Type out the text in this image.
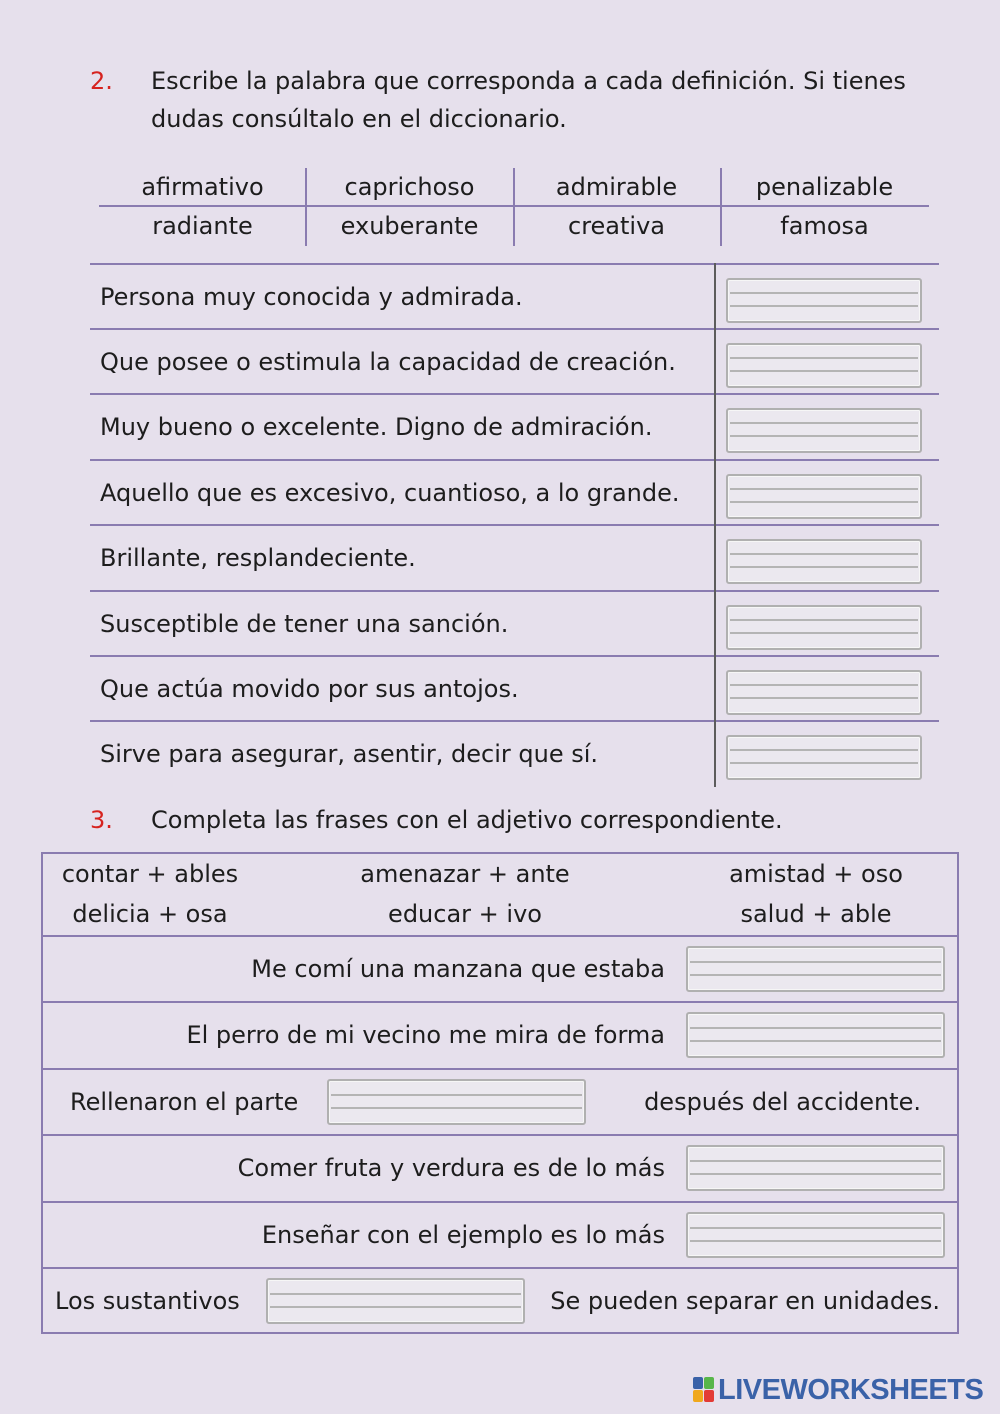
2. Escribe la palabra que corresponda a cada definición. Si tienes
dudas consúltalo en el diccionario.
afirmativo	caprichoso	admirable	penalizable
radiante	exuberante	creativa	famosa
Persona muy conocida y admirada.
Que posee o estimula la capacidad de creación.
Muy bueno o excelente. Digno de admiración.
Aquello que es excesivo, cuantioso, a lo grande.
Brillante, resplandeciente.
Susceptible de tener una sanción.
Que actúa movido por sus antojos.
Sirve para asegurar, asentir, decir que sí.
3. Completa las frases con el adjetivo correspondiente.
contar + ables	amenazar + ante	amistad + oso
delicia + osa	educar + ivo	salud + able
Me comí una manzana que estaba
El perro de mi vecino me mira de forma
Rellenaron el parte	después del accidente.
Comer fruta y verdura es de lo más
Enseñar con el ejemplo es lo más
Los sustantivos	Se pueden separar en unidades.
LIVEWORKSHEETS
